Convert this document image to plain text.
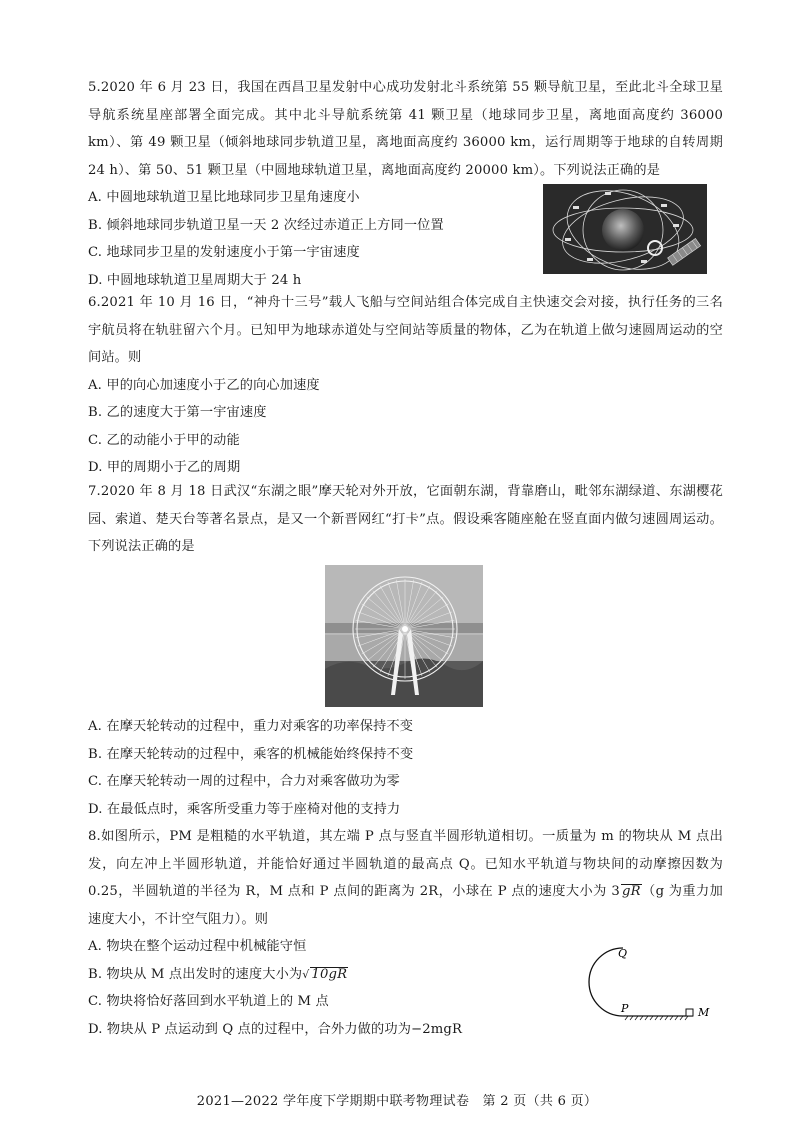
5.2020 年 6 月 23 日，我国在西昌卫星发射中心成功发射北斗系统第 55 颗导航卫星，至此北斗全球卫星导航系统星座部署全面完成。其中北斗导航系统第 41 颗卫星（地球同步卫星，离地面高度约 36000 km）、第 49 颗卫星（倾斜地球同步轨道卫星，离地面高度约 36000 km，运行周期等于地球的自转周期 24 h）、第 50、51 颗卫星（中圆地球轨道卫星，离地面高度约 20000 km）。下列说法正确的是

A. 中圆地球轨道卫星比地球同步卫星角速度小

B. 倾斜地球同步轨道卫星一天 2 次经过赤道正上方同一位置

C. 地球同步卫星的发射速度小于第一宇宙速度

D. 中圆地球轨道卫星周期大于 24 h

6.2021 年 10 月 16 日，“神舟十三号”载人飞船与空间站组合体完成自主快速交会对接，执行任务的三名宇航员将在轨驻留六个月。已知甲为地球赤道处与空间站等质量的物体，乙为在轨道上做匀速圆周运动的空间站。则

A. 甲的向心加速度小于乙的向心加速度

B. 乙的速度大于第一宇宙速度

C. 乙的动能小于甲的动能

D. 甲的周期小于乙的周期

7.2020 年 8 月 18 日武汉“东湖之眼”摩天轮对外开放，它面朝东湖，背靠磨山，毗邻东湖绿道、东湖樱花园、索道、楚天台等著名景点，是又一个新晋网红“打卡”点。假设乘客随座舱在竖直面内做匀速圆周运动。下列说法正确的是

A. 在摩天轮转动的过程中，重力对乘客的功率保持不变

B. 在摩天轮转动的过程中，乘客的机械能始终保持不变

C. 在摩天轮转动一周的过程中，合力对乘客做功为零

D. 在最低点时，乘客所受重力等于座椅对他的支持力

8.如图所示，PM 是粗糙的水平轨道，其左端 P 点与竖直半圆形轨道相切。一质量为 m 的物块从 M 点出发，向左冲上半圆形轨道，并能恰好通过半圆轨道的最高点 Q。已知水平轨道与物块间的动摩擦因数为 0.25，半圆轨道的半径为 R，M 点和 P 点间的距离为 2R，小球在 P 点的速度大小为 3 gR（g 为重力加速度大小，不计空气阻力）。则

A. 物块在整个运动过程中机械能守恒

B. 物块从 M 点出发时的速度大小为√ 10gR

C. 物块将恰好落回到水平轨道上的 M 点

D. 物块从 P 点运动到 Q 点的过程中，合外力做的功为−2mgR

Q
P	M
2021—2022 学年度下学期期中联考物理试卷　第 2 页（共 6 页）
